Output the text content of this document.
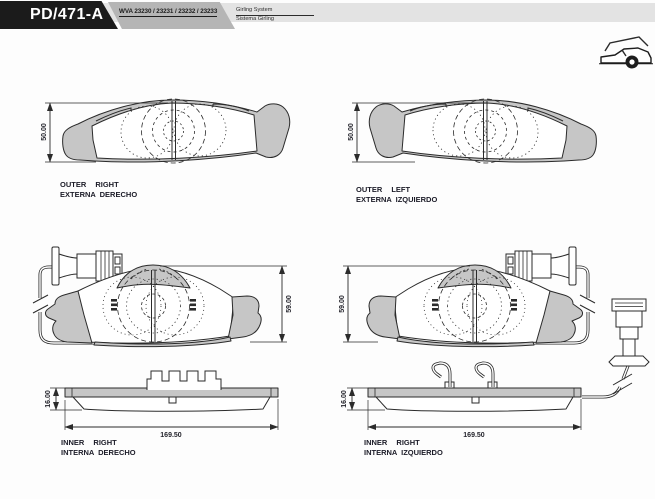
PD/471-A WVA 23230 / 23231 / 23232 / 23233	Girling System
Sistema Girling
OUTER RIGHT
EXTERNA DERECHO	OUTER LEFT
EXTERNA IZQUIERDO
INNER RIGHT
INTERNA DERECHO
INNER RIGHT
INTERNA IZQUIERDO
50.00	50.00
59.00	59.00
16.00
169.50
16.00
169.50
